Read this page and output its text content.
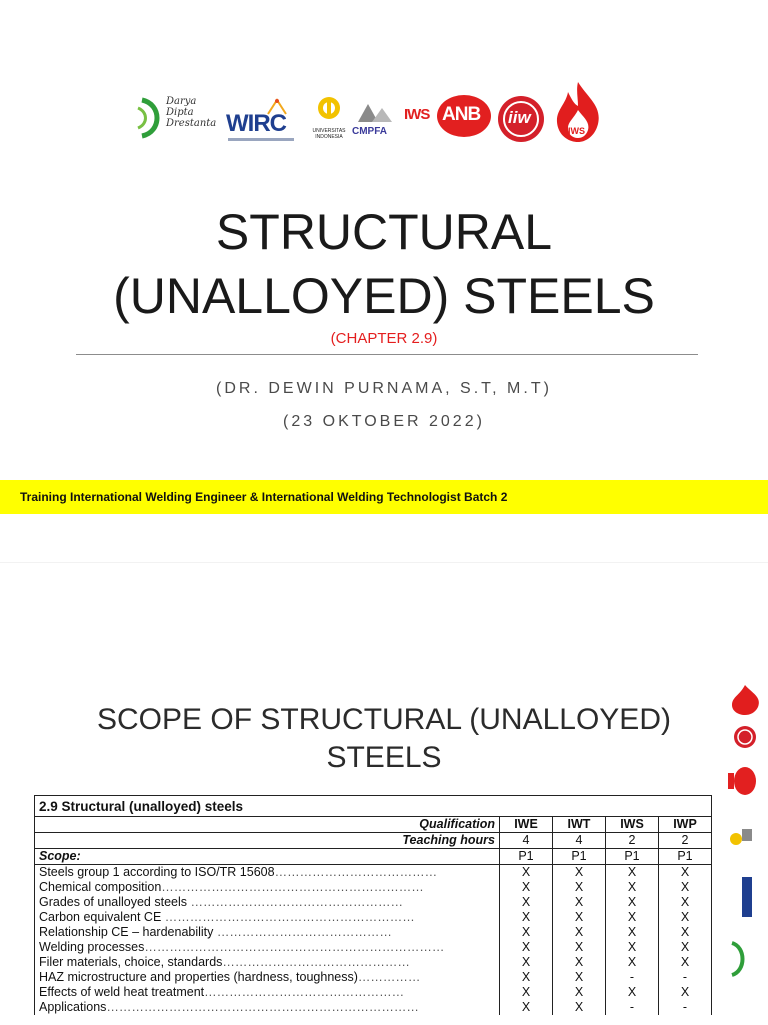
Darya
Dipta
Drestanta WIRC	UNIVERSITAS INDONESIA CMPFA
IWS ANB iiw
IWS
STRUCTURAL
(UNALLOYED) STEELS
(CHAPTER 2.9)
(DR. DEWIN PURNAMA, S.T, M.T)
(23 OKTOBER 2022)
Training International Welding Engineer & International Welding Technologist Batch 2
SCOPE OF STRUCTURAL (UNALLOYED)
STEELS
2.9 Structural (unalloyed) steels				
Qualification	IWE	IWT	IWS	IWP
Teaching hours	4	4	2	2
Scope:	P1	P1	P1	P1
Steels group 1 according to ISO/TR 15608…………………………………	X	X	X	X
Chemical composition………………………………………………………	X	X	X	X
Grades of unalloyed steels ……………………………………………	X	X	X	X
Carbon equivalent CE ……………………………………………………	X	X	X	X
Relationship CE – hardenability ……………………………………	X	X	X	X
Welding processes………………………………………………………………	X	X	X	X
Filer materials, choice, standards………………………………………	X	X	X	X
HAZ microstructure and properties (hardness, toughness)……………	X	X	-	-
Effects of weld heat treatment…………………………………………	X	X	X	X
Applications…………………………………………………………………	X	X	-	-
